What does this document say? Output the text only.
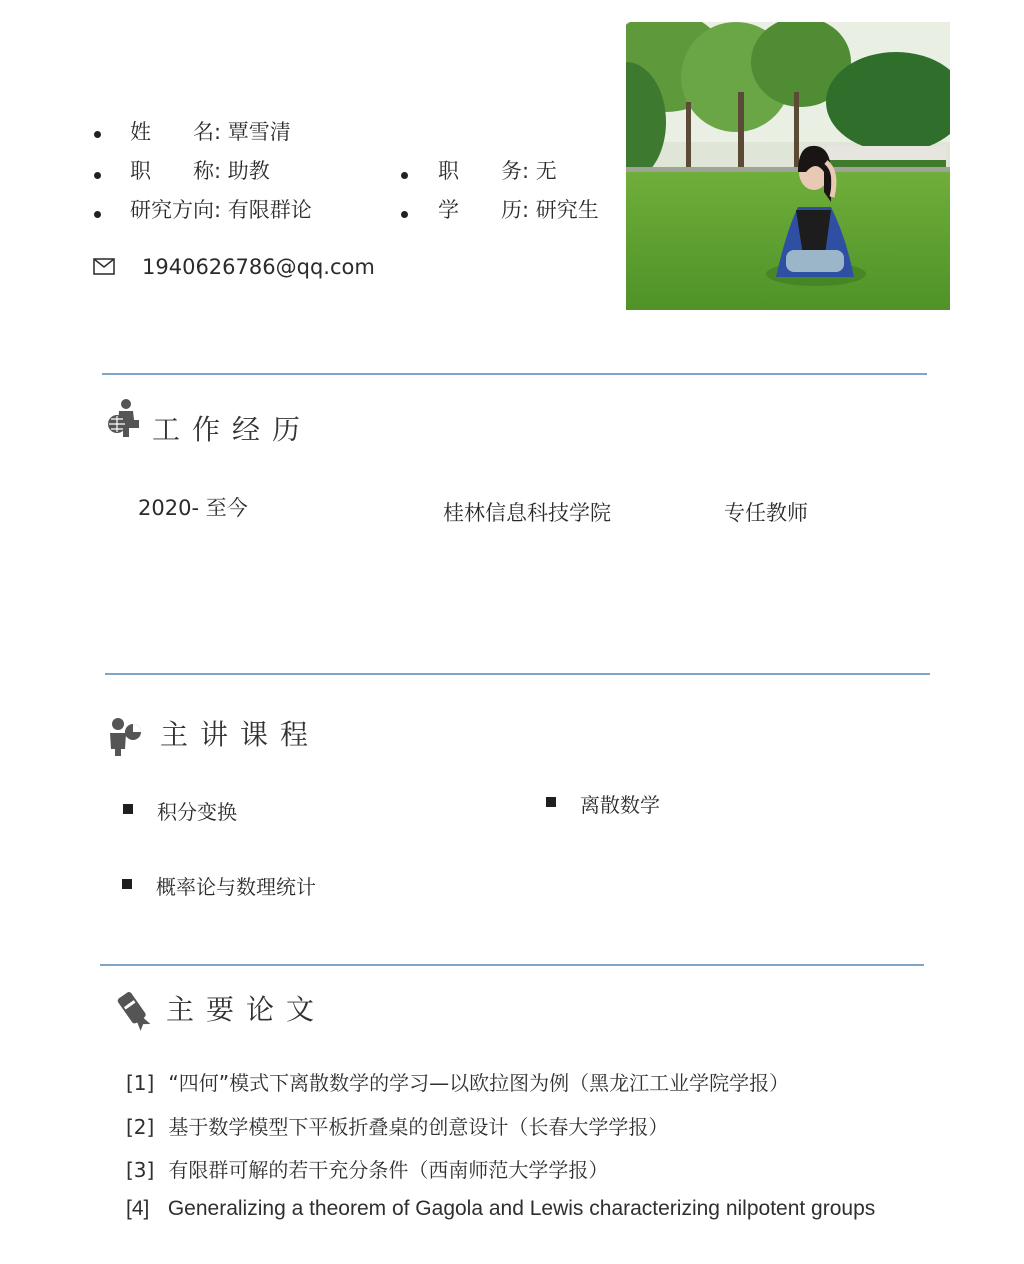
姓　　名: 覃雪清
职　　称: 助教	职　　务: 无
研究方向: 有限群论	学　　历: 研究生
1940626786@qq.com
工作经历
2020- 至今	桂林信息科技学院	专任教师
主讲课程
积分变换	离散数学
概率论与数理统计
主要论文
[1] “四何”模式下离散数学的学习—以欧拉图为例（黑龙江工业学院学报）
[2] 基于数学模型下平板折叠桌的创意设计（长春大学学报）
[3] 有限群可解的若干充分条件（西南师范大学学报）
[4] Generalizing a theorem of Gagola and Lewis characterizing nilpotent groups
